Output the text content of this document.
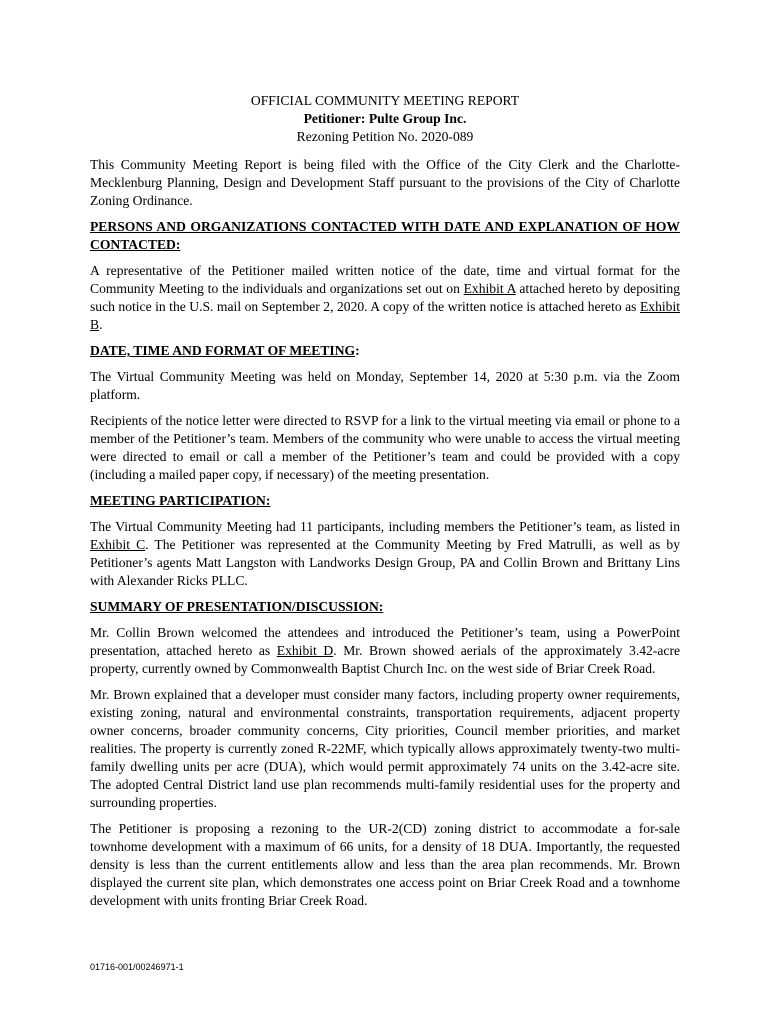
OFFICIAL COMMUNITY MEETING REPORT

Petitioner: Pulte Group Inc.

Rezoning Petition No. 2020-089

This Community Meeting Report is being filed with the Office of the City Clerk and the Charlotte-Mecklenburg Planning, Design and Development Staff pursuant to the provisions of the City of Charlotte Zoning Ordinance.

PERSONS AND ORGANIZATIONS CONTACTED WITH DATE AND EXPLANATION OF HOW CONTACTED:

A representative of the Petitioner mailed written notice of the date, time and virtual format for the Community Meeting to the individuals and organizations set out on Exhibit A attached hereto by depositing such notice in the U.S. mail on September 2, 2020. A copy of the written notice is attached hereto as Exhibit B.

DATE, TIME AND FORMAT OF MEETING:

The Virtual Community Meeting was held on Monday, September 14, 2020 at 5:30 p.m. via the Zoom platform.

Recipients of the notice letter were directed to RSVP for a link to the virtual meeting via email or phone to a member of the Petitioner’s team. Members of the community who were unable to access the virtual meeting were directed to email or call a member of the Petitioner’s team and could be provided with a copy (including a mailed paper copy, if necessary) of the meeting presentation.

MEETING PARTICIPATION:

The Virtual Community Meeting had 11 participants, including members the Petitioner’s team, as listed in Exhibit C. The Petitioner was represented at the Community Meeting by Fred Matrulli, as well as by Petitioner’s agents Matt Langston with Landworks Design Group, PA and Collin Brown and Brittany Lins with Alexander Ricks PLLC.

SUMMARY OF PRESENTATION/DISCUSSION:

Mr. Collin Brown welcomed the attendees and introduced the Petitioner’s team, using a PowerPoint presentation, attached hereto as Exhibit D. Mr. Brown showed aerials of the approximately 3.42-acre property, currently owned by Commonwealth Baptist Church Inc. on the west side of Briar Creek Road.

Mr. Brown explained that a developer must consider many factors, including property owner requirements, existing zoning, natural and environmental constraints, transportation requirements, adjacent property owner concerns, broader community concerns, City priorities, Council member priorities, and market realities. The property is currently zoned R-22MF, which typically allows approximately twenty-two multi-family dwelling units per acre (DUA), which would permit approximately 74 units on the 3.42-acre site. The adopted Central District land use plan recommends multi-family residential uses for the property and surrounding properties.

The Petitioner is proposing a rezoning to the UR-2(CD) zoning district to accommodate a for-sale townhome development with a maximum of 66 units, for a density of 18 DUA. Importantly, the requested density is less than the current entitlements allow and less than the area plan recommends. Mr. Brown displayed the current site plan, which demonstrates one access point on Briar Creek Road and a townhome development with units fronting Briar Creek Road.

01716-001/00246971-1
